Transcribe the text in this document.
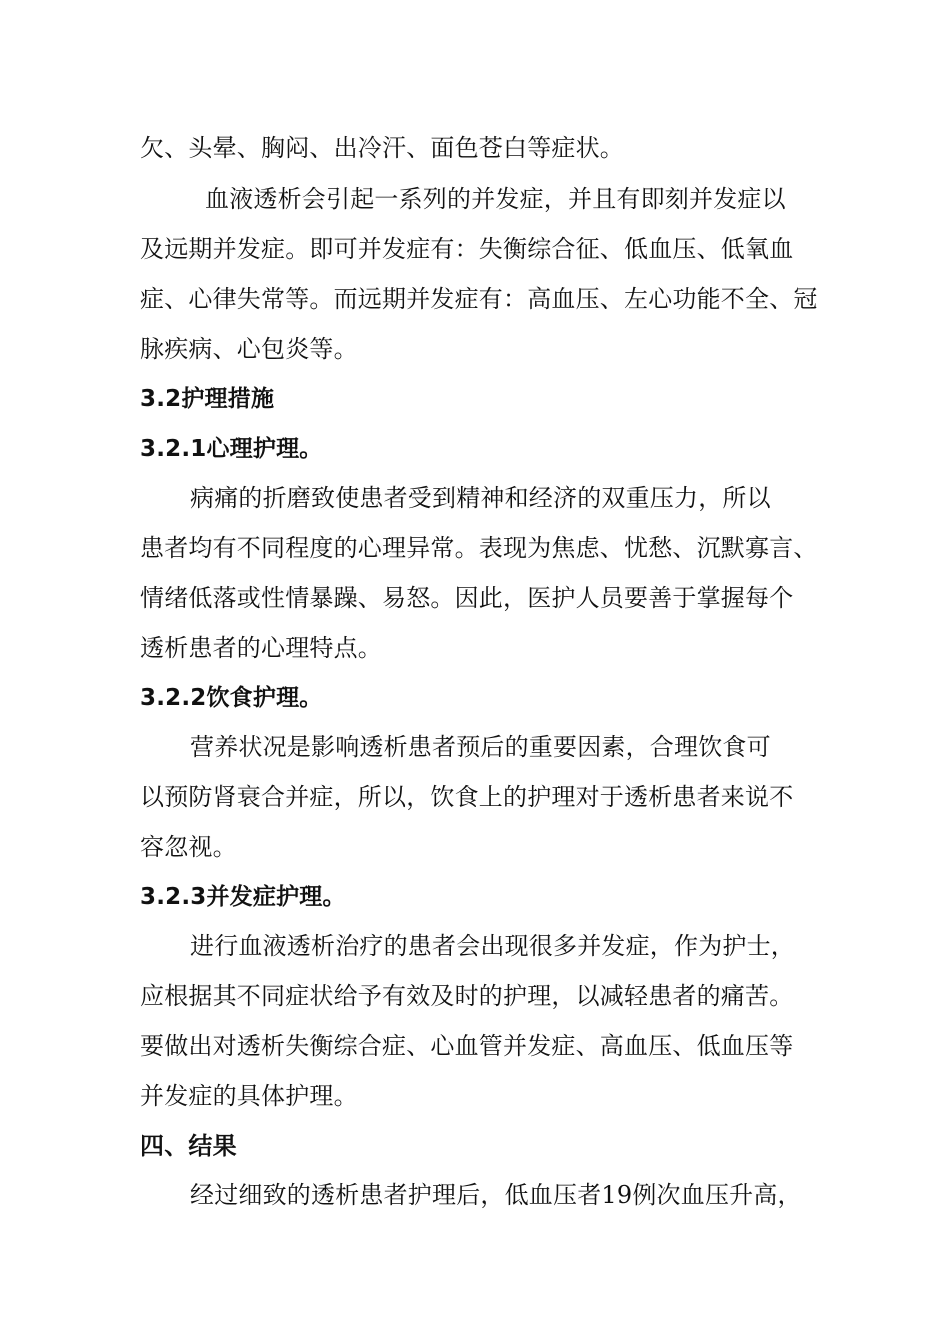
欠、头晕、胸闷、出冷汗、面色苍白等症状。
血液透析会引起一系列的并发症，并且有即刻并发症以
及远期并发症。即可并发症有：失衡综合征、低血压、低氧血
症、心律失常等。而远期并发症有：高血压、左心功能不全、冠
脉疾病、心包炎等。
3.2护理措施
3.2.1心理护理。
病痛的折磨致使患者受到精神和经济的双重压力，所以
患者均有不同程度的心理异常。表现为焦虑、忧愁、沉默寡言、
情绪低落或性情暴躁、易怒。因此，医护人员要善于掌握每个
透析患者的心理特点。
3.2.2饮食护理。
营养状况是影响透析患者预后的重要因素，合理饮食可
以预防肾衰合并症，所以，饮食上的护理对于透析患者来说不
容忽视。
3.2.3并发症护理。
进行血液透析治疗的患者会出现很多并发症，作为护士，
应根据其不同症状给予有效及时的护理，以减轻患者的痛苦。
要做出对透析失衡综合症、心血管并发症、高血压、低血压等
并发症的具体护理。
四、结果
经过细致的透析患者护理后，低血压者19例次血压升高，
